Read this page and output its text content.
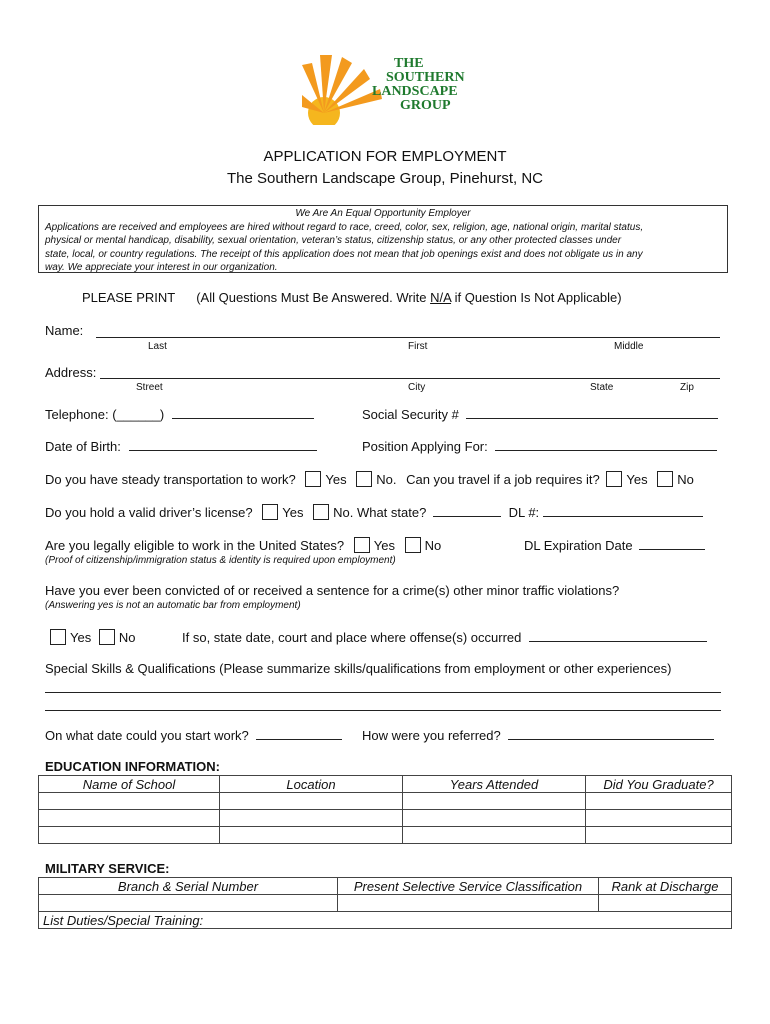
THE
SOUTHERN
LANDSCAPE
GROUP
APPLICATION FOR EMPLOYMENT
The Southern Landscape Group, Pinehurst, NC
We Are An Equal Opportunity Employer
Applications are received and employees are hired without regard to race, creed, color, sex, religion, age, national origin, marital status,
physical or mental handicap, disability, sexual orientation, veteran’s status, citizenship status, or any other protected classes under
state, local, or country regulations. The receipt of this application does not mean that job openings exist and does not obligate us in any
way. We appreciate your interest in our organization.
PLEASE PRINT (All Questions Must Be Answered. Write N/A if Question Is Not Applicable)
Name:
Last	First	Middle
Address:
Street	City	State	Zip
Telephone: (______)	Social Security #
Date of Birth:	Position Applying For:
Do you have steady transportation to work? Yes No. Can you travel if a job requires it? Yes No
Do you hold a valid driver’s license? Yes No. What state?	DL #:
Are you legally eligible to work in the United States? Yes No	DL Expiration Date
(Proof of citizenship/immigration status & identity is required upon employment)
Have you ever been convicted of or received a sentence for a crime(s) other minor traffic violations?
(Answering yes is not an automatic bar from employment)
Yes No	If so, state date, court and place where offense(s) occurred
Special Skills & Qualifications (Please summarize skills/qualifications from employment or other experiences)
On what date could you start work?	How were you referred?
EDUCATION INFORMATION:
Name of School	Location	Years Attended	Did You Graduate?

MILITARY SERVICE:
Branch & Serial Number	Present Selective Service Classification	Rank at Discharge

List Duties/Special Training:		
